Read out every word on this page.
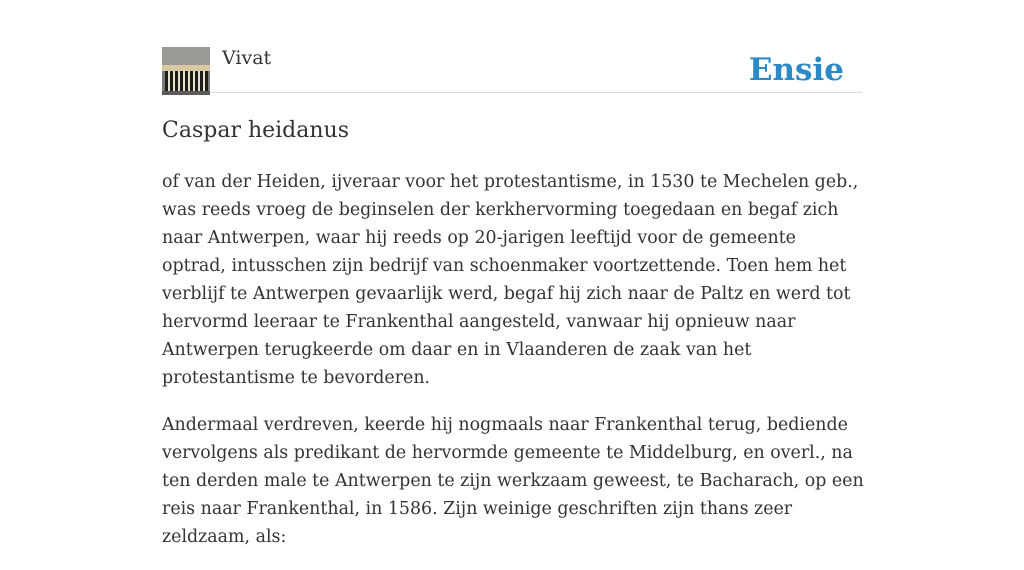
Vivat	Ensie
Caspar heidanus

of van der Heiden, ijveraar voor het protestantisme, in 1530 te Mechelen geb., was reeds vroeg de beginselen der kerkhervorming toegedaan en begaf zich naar Antwerpen, waar hij reeds op 20-jarigen leeftijd voor de gemeente optrad, intusschen zijn bedrijf van schoenmaker voortzettende. Toen hem het verblijf te Antwerpen gevaarlijk werd, begaf hij zich naar de Paltz en werd tot hervormd leeraar te Frankenthal aangesteld, vanwaar hij opnieuw naar Antwerpen terugkeerde om daar en in Vlaanderen de zaak van het protestantisme te bevorderen.

Andermaal verdreven, keerde hij nogmaals naar Frankenthal terug, bediende vervolgens als predikant de hervormde gemeente te Middelburg, en overl., na ten derden male te Antwerpen te zijn werkzaam geweest, te Bacharach, op een reis naar Frankenthal, in 1586. Zijn weinige geschriften zijn thans zeer zeldzaam, als:
